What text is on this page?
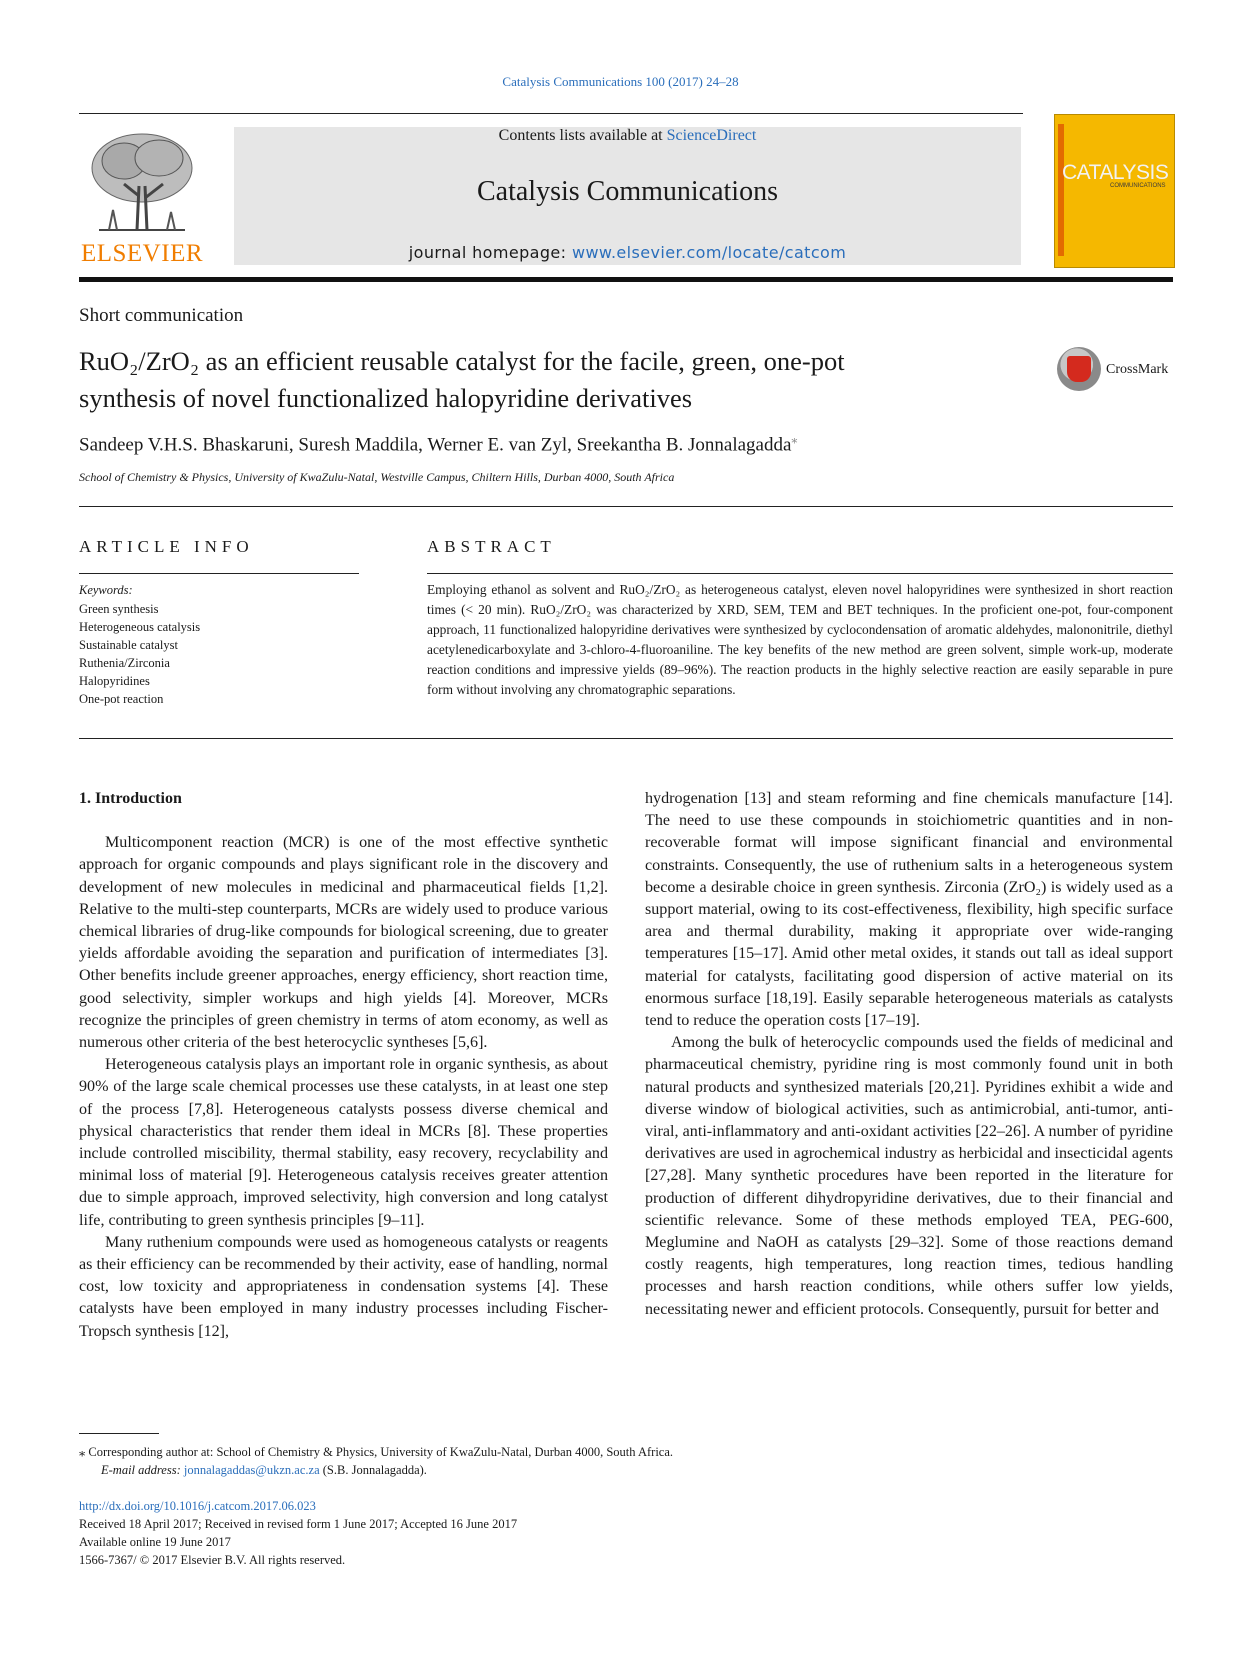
Catalysis Communications 100 (2017) 24–28
ELSEVIER
Contents lists available at ScienceDirect
Catalysis Communications
journal homepage: www.elsevier.com/locate/catcom
CATALYSIS
COMMUNICATIONS
Short communication
RuO₂/ZrO₂ as an efficient reusable catalyst for the facile, green, one-pot
synthesis of novel functionalized halopyridine derivatives
CrossMark
Sandeep V.H.S. Bhaskaruni, Suresh Maddila, Werner E. van Zyl, Sreekantha B. Jonnalagadda⁎
School of Chemistry & Physics, University of KwaZulu-Natal, Westville Campus, Chiltern Hills, Durban 4000, South Africa
ARTICLE INFO	ABSTRACT
Keywords:
Green synthesis
Heterogeneous catalysis
Sustainable catalyst
Ruthenia/Zirconia
Halopyridines
One-pot reaction
Employing ethanol as solvent and RuO₂/ZrO₂ as heterogeneous catalyst, eleven novel halopyridines were synthesized in short reaction times (< 20 min). RuO₂/ZrO₂ was characterized by XRD, SEM, TEM and BET techniques. In the proficient one-pot, four-component approach, 11 functionalized halopyridine derivatives were synthesized by cyclocondensation of aromatic aldehydes, malononitrile, diethyl acetylenedicarboxylate and 3-chloro-4-fluoroaniline. The key benefits of the new method are green solvent, simple work-up, moderate reaction conditions and impressive yields (89–96%). The reaction products in the highly selective reaction are easily separable in pure form without involving any chromatographic separations.

1. Introduction

Multicomponent reaction (MCR) is one of the most effective synthetic approach for organic compounds and plays significant role in the discovery and development of new molecules in medicinal and pharmaceutical fields [1,2]. Relative to the multi-step counterparts, MCRs are widely used to produce various chemical libraries of drug-like compounds for biological screening, due to greater yields affordable avoiding the separation and purification of intermediates [3]. Other benefits include greener approaches, energy efficiency, short reaction time, good selectivity, simpler workups and high yields [4]. Moreover, MCRs recognize the principles of green chemistry in terms of atom economy, as well as numerous other criteria of the best heterocyclic syntheses [5,6].

Heterogeneous catalysis plays an important role in organic synthesis, as about 90% of the large scale chemical processes use these catalysts, in at least one step of the process [7,8]. Heterogeneous catalysts possess diverse chemical and physical characteristics that render them ideal in MCRs [8]. These properties include controlled miscibility, thermal stability, easy recovery, recyclability and minimal loss of material [9]. Heterogeneous catalysis receives greater attention due to simple approach, improved selectivity, high conversion and long catalyst life, contributing to green synthesis principles [9–11].

Many ruthenium compounds were used as homogeneous catalysts or reagents as their efficiency can be recommended by their activity, ease of handling, normal cost, low toxicity and appropriateness in condensation systems [4]. These catalysts have been employed in many industry processes including Fischer-Tropsch synthesis [12],

hydrogenation [13] and steam reforming and fine chemicals manufacture [14]. The need to use these compounds in stoichiometric quantities and in non-recoverable format will impose significant financial and environmental constraints. Consequently, the use of ruthenium salts in a heterogeneous system become a desirable choice in green synthesis. Zirconia (ZrO₂) is widely used as a support material, owing to its cost-effectiveness, flexibility, high specific surface area and thermal durability, making it appropriate over wide-ranging temperatures [15–17]. Amid other metal oxides, it stands out tall as ideal support material for catalysts, facilitating good dispersion of active material on its enormous surface [18,19]. Easily separable heterogeneous materials as catalysts tend to reduce the operation costs [17–19].

Among the bulk of heterocyclic compounds used the fields of medicinal and pharmaceutical chemistry, pyridine ring is most commonly found unit in both natural products and synthesized materials [20,21]. Pyridines exhibit a wide and diverse window of biological activities, such as antimicrobial, anti-tumor, anti-viral, anti-inflammatory and anti-oxidant activities [22–26]. A number of pyridine derivatives are used in agrochemical industry as herbicidal and insecticidal agents [27,28]. Many synthetic procedures have been reported in the literature for production of different dihydropyridine derivatives, due to their financial and scientific relevance. Some of these methods employed TEA, PEG-600, Meglumine and NaOH as catalysts [29–32]. Some of those reactions demand costly reagents, high temperatures, long reaction times, tedious handling processes and harsh reaction conditions, while others suffer low yields, necessitating newer and efficient protocols. Consequently, pursuit for better and

⁎ Corresponding author at: School of Chemistry & Physics, University of KwaZulu-Natal, Durban 4000, South Africa.
E-mail address: jonnalagaddas@ukzn.ac.za (S.B. Jonnalagadda).
http://dx.doi.org/10.1016/j.catcom.2017.06.023
Received 18 April 2017; Received in revised form 1 June 2017; Accepted 16 June 2017
Available online 19 June 2017
1566-7367/ © 2017 Elsevier B.V. All rights reserved.
